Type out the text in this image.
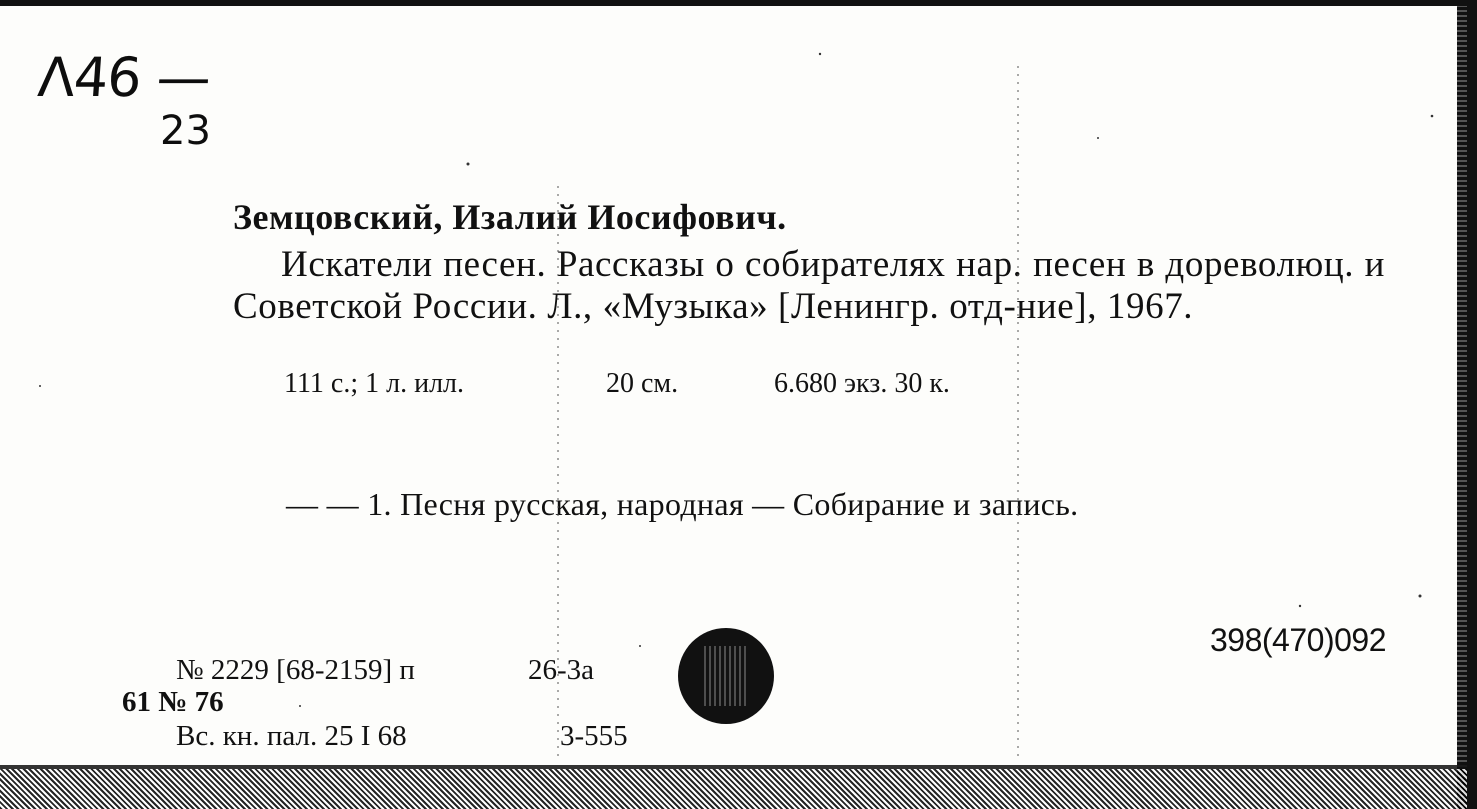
Λ46 —
23
Земцовский, Изалий Иосифович.
Искатели песен. Рассказы о собирателях нар. песен в дореволюц. и Советской России. Л., «Музыка» [Ленингр. отд-ние], 1967.
111 с.; 1 л. илл.	20 см.	6.680 экз. 30 к.
— — 1. Песня русская, народная — Собирание и запись.
398(470)092
№ 2229 [68-2159] п	26-3а
61 № 76
Вс. кн. пал. 25 I 68	3-555
